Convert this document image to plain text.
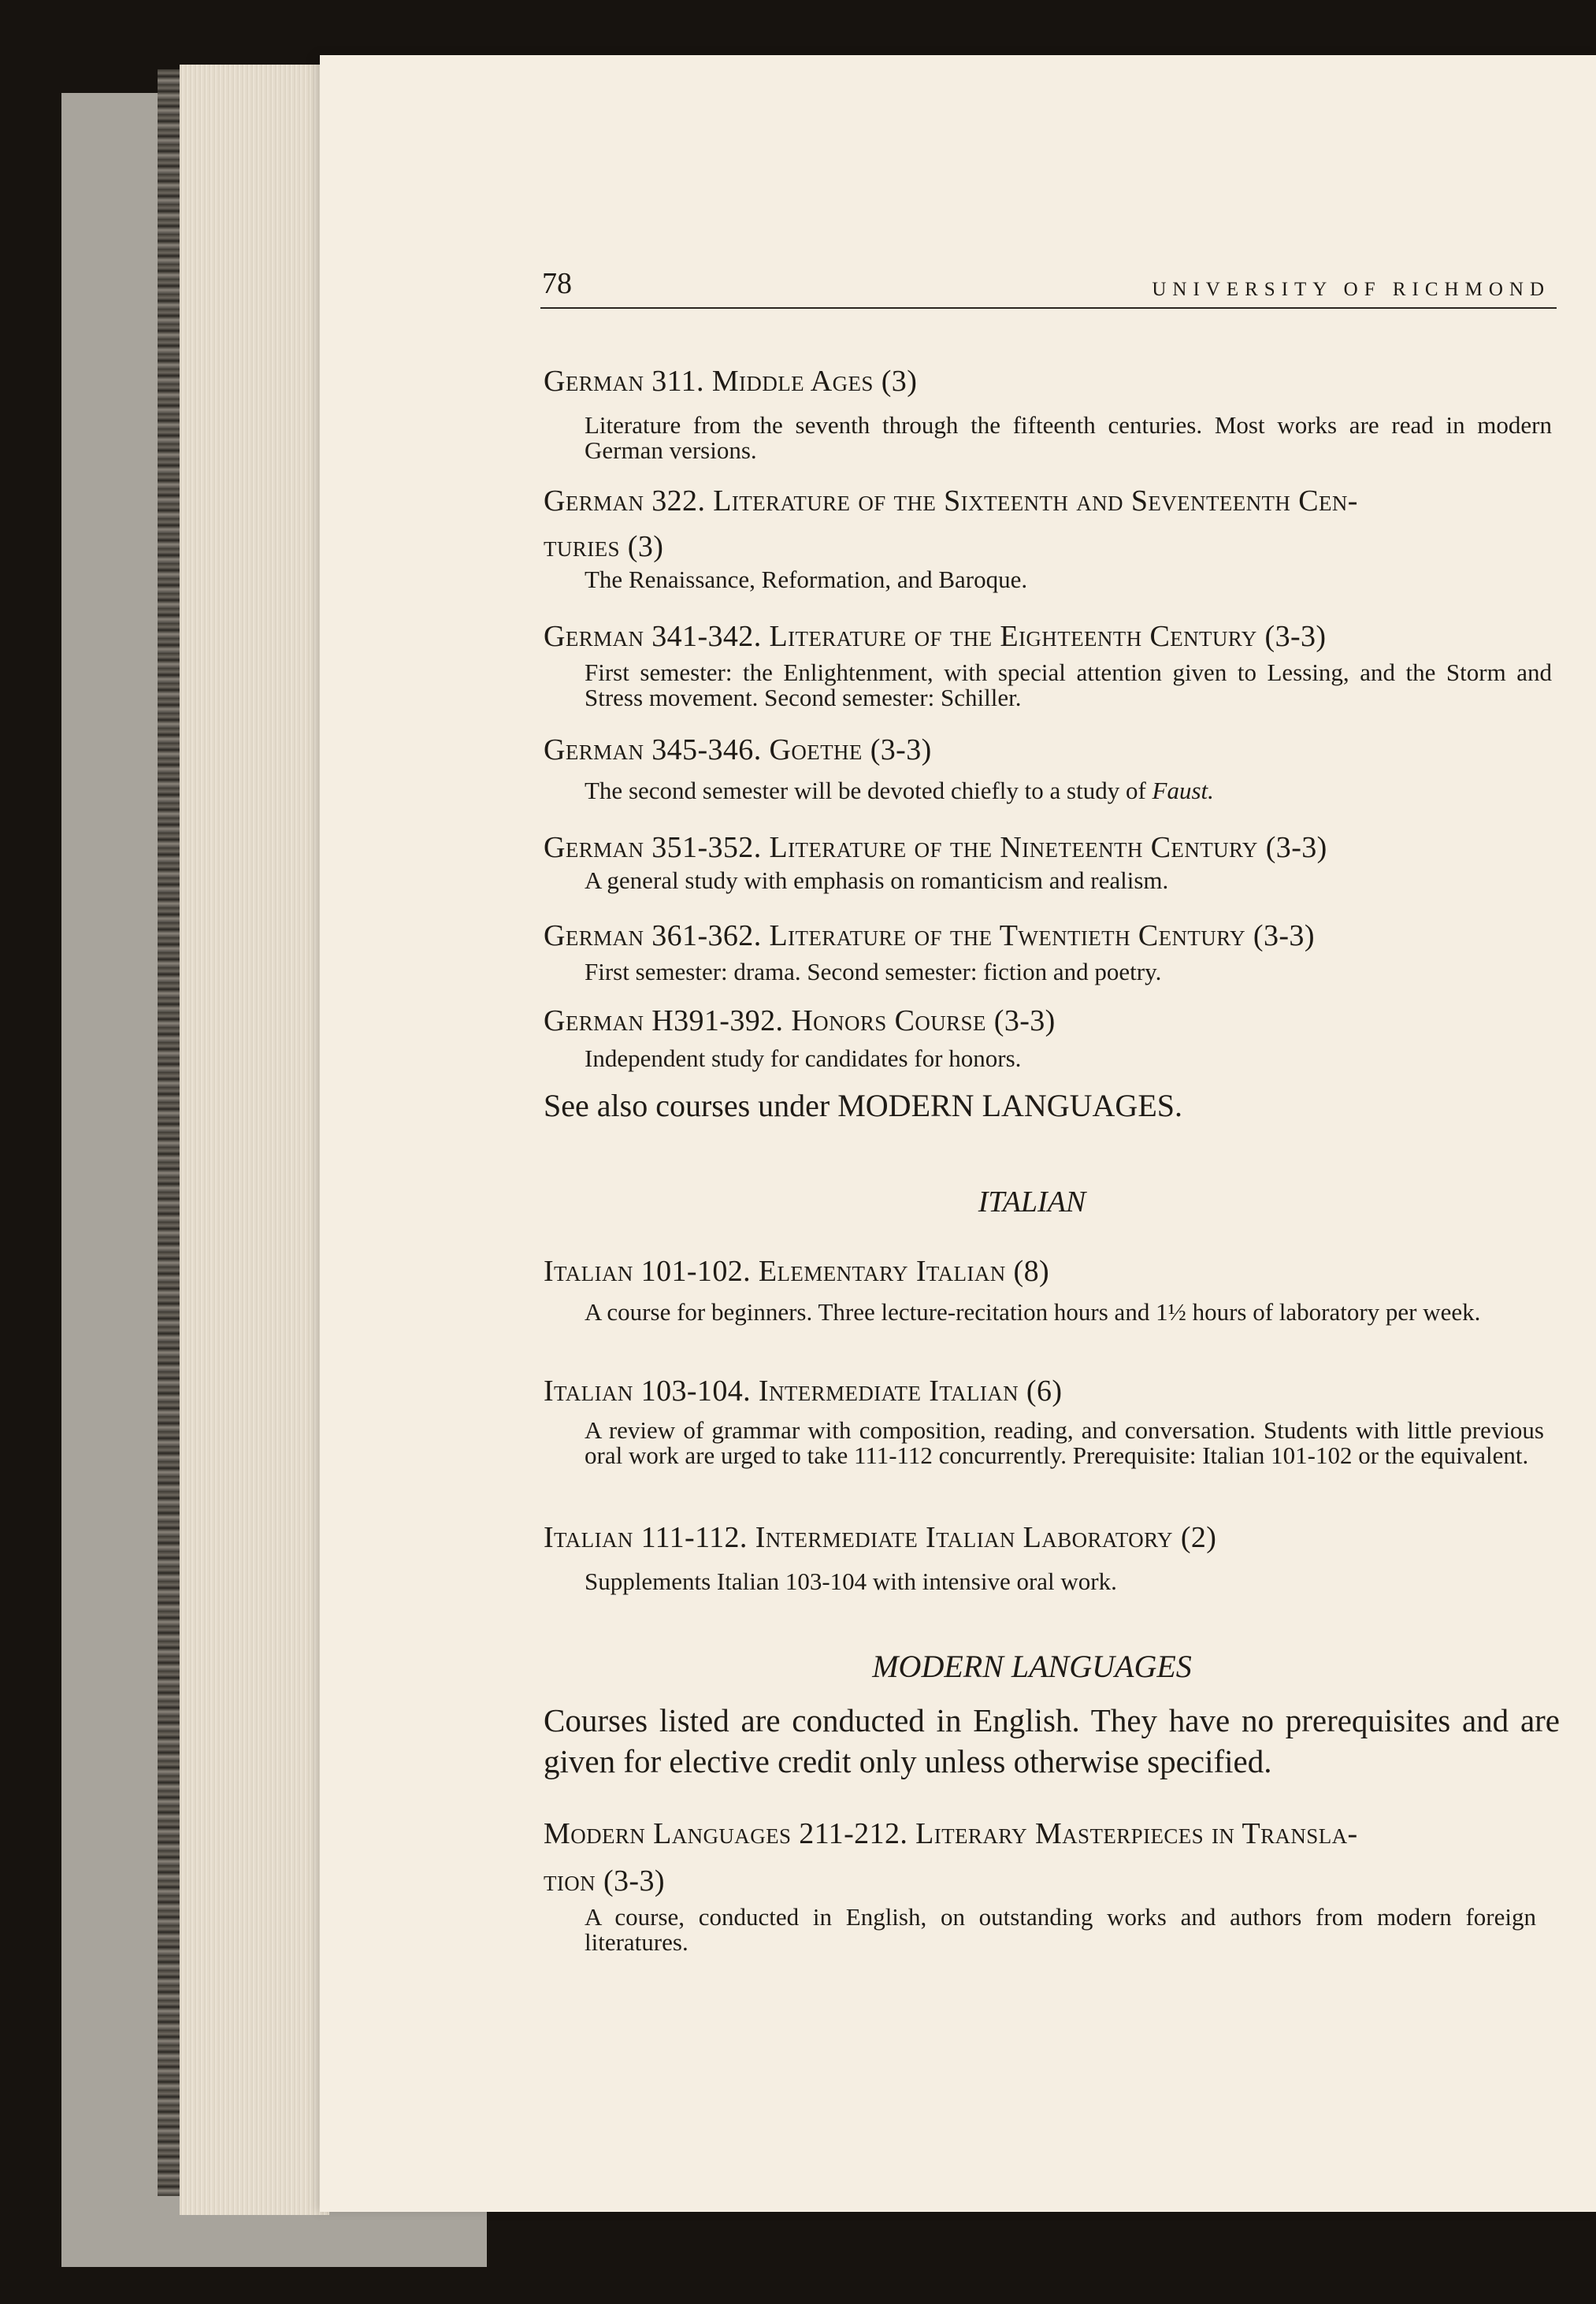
78	UNIVERSITY OF RICHMOND
German 311. Middle Ages (3)
Literature from the seventh through the fifteenth centuries. Most works are read in modern German versions.
German 322. Literature of the Sixteenth and Seventeenth Cen-
turies (3)
The Renaissance, Reformation, and Baroque.
German 341-342. Literature of the Eighteenth Century (3-3)
First semester: the Enlightenment, with special attention given to Lessing, and the Storm and Stress movement. Second semester: Schiller.
German 345-346. Goethe (3-3)
The second semester will be devoted chiefly to a study of Faust.
German 351-352. Literature of the Nineteenth Century (3-3)
A general study with emphasis on romanticism and realism.
German 361-362. Literature of the Twentieth Century (3-3)
First semester: drama. Second semester: fiction and poetry.
German H391-392. Honors Course (3-3)
Independent study for candidates for honors.
See also courses under MODERN LANGUAGES.
ITALIAN
Italian 101-102. Elementary Italian (8)
A course for beginners. Three lecture-recitation hours and 1½ hours of laboratory per week.
Italian 103-104. Intermediate Italian (6)
A review of grammar with composition, reading, and conversation. Students with little previous oral work are urged to take 111-112 concurrently. Prerequisite: Italian 101-102 or the equivalent.
Italian 111-112. Intermediate Italian Laboratory (2)
Supplements Italian 103-104 with intensive oral work.
MODERN LANGUAGES
Courses listed are conducted in English. They have no prerequisites and are given for elective credit only unless otherwise specified.
Modern Languages 211-212. Literary Masterpieces in Transla-
tion (3-3)
A course, conducted in English, on outstanding works and authors from modern foreign literatures.
